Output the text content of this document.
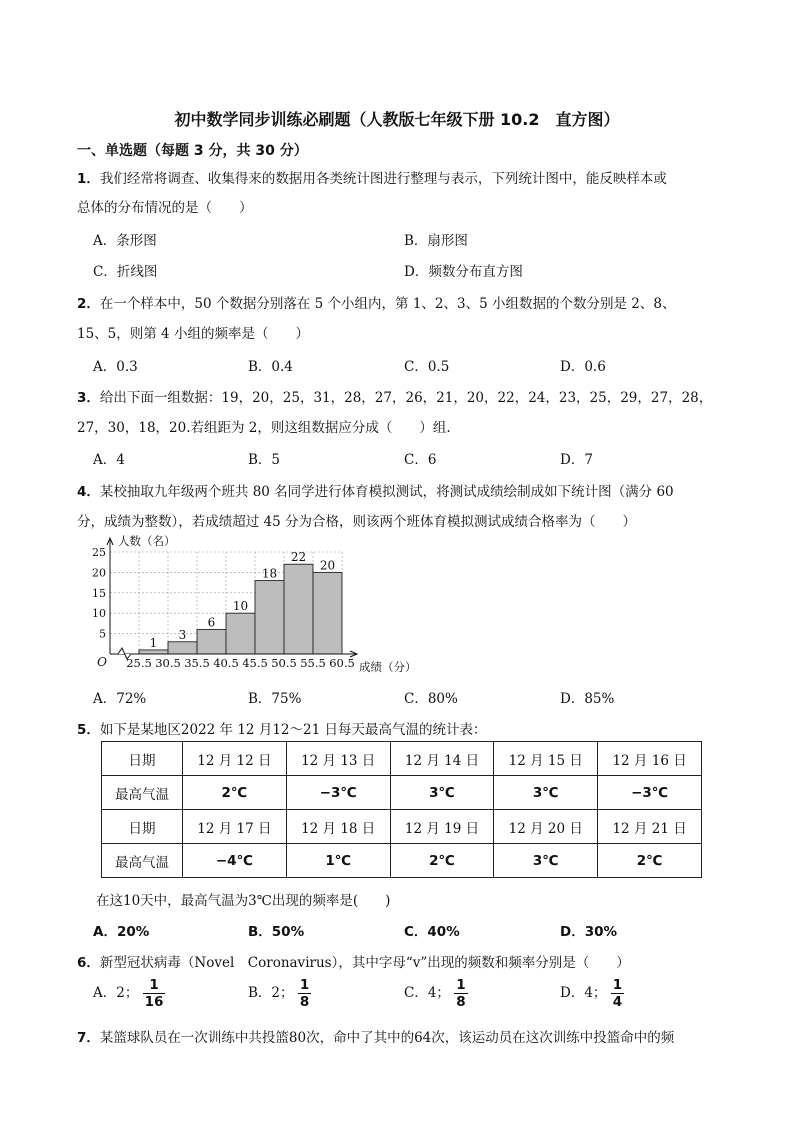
初中数学同步训练必刷题（人教版七年级下册 10.2　直方图）
一、单选题（每题 3 分，共 30 分）
1．我们经常将调查、收集得来的数据用各类统计图进行整理与表示，下列统计图中，能反映样本或
总体的分布情况的是（　　）
A．条形图	B．扇形图
C．折线图	D．频数分布直方图
2．在一个样本中，50 个数据分别落在 5 个小组内，第 1、2、3、5 小组数据的个数分别是 2、8、
15、5，则第 4 小组的频率是（　　）
A．0.3	B．0.4	C．0.5	D．0.6
3．给出下面一组数据：19，20，25，31，28，27，26，21，20，22，24，23，25，29，27，28，
27，30，18，20.若组距为 2，则这组数据应分成（　　）组.
A．4	B．5	C．6	D．7
4．某校抽取九年级两个班共 80 名同学进行体育模拟测试，将测试成绩绘制成如下统计图（满分 60
分，成绩为整数），若成绩超过 45 分为合格，则该两个班体育模拟测试成绩合格率为（　　）
5
10
15
20
25
1
3
6
10
18
22
20
25.5 30.5 35.5 40.5 45.5 50.5 55.5 60.5
O
人数（名）
成绩（分）
A．72%	B．75%	C．80%	D．85%
5．如下是某地区2022 年 12 月12～21 日每天最高气温的统计表：
日期	12 月 12 日	12 月 13 日	12 月 14 日	12 月 15 日	12 月 16 日
最高气温	2℃	−3℃	3℃	3℃	−3℃
日期	12 月 17 日	12 月 18 日	12 月 19 日	12 月 20 日	12 月 21 日
最高气温	−4℃	1℃	2℃	3℃	2℃
在这10天中，最高气温为3℃出现的频率是(　　)
A．20%	B．50%	C．40%	D．30%
6．新型冠状病毒（Novel　Coronavirus），其中字母“v”出现的频数和频率分别是（　　）
A．2； $\frac{1}{16}$	B．2； $\frac{1}{8}$	C．4； $\frac{1}{8}$	D．4； $\frac{1}{4}$
7．某篮球队员在一次训练中共投篮80次，命中了其中的64次，该运动员在这次训练中投篮命中的频
